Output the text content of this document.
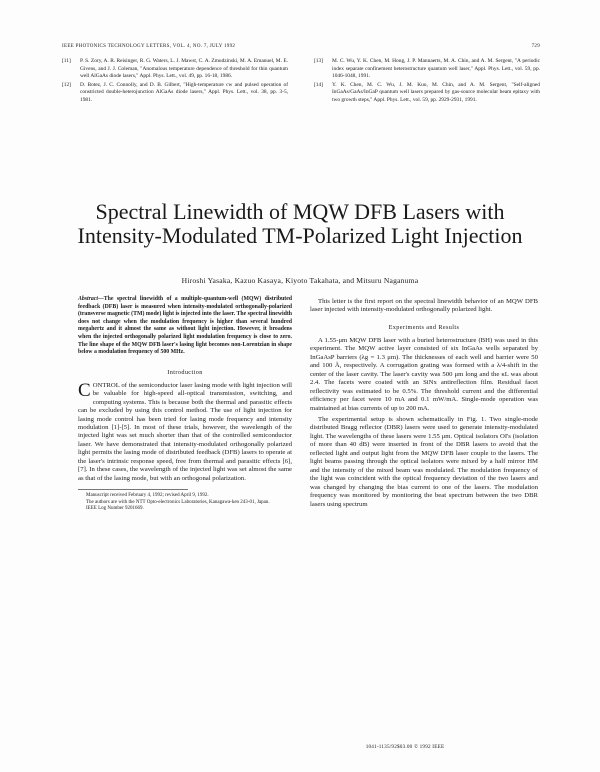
IEEE PHOTONICS TECHNOLOGY LETTERS, VOL. 4, NO. 7, JULY 1992	729
[11]	P. S. Zory, A. R. Reisinger, R. G. Waters, L. J. Mawst, C. A. Zmudzinski, M. A. Emanuel, M. E. Givens, and J. J. Coleman, "Anomalous temperature dependence of threshold for thin quantum well AlGaAs diode lasers," Appl. Phys. Lett., vol. 49, pp. 16-18, 1986.
[12]	D. Botez, J. C. Connolly, and D. B. Gilbert, "High-temperature cw and pulsed operation of constricted double-heterojunction AlGaAs diode lasers," Appl. Phys. Lett., vol. 38, pp. 3-5, 1981.
[13]	M. C. Wu, Y. K. Chen, M. Hong, J. P. Mannaerts, M. A. Chin, and A. M. Sergent, "A periodic index separate confinement heterostructure quantum well laser," Appl. Phys. Lett., vol. 59, pp. 1046-1048, 1991.
[14]	Y. K. Chen, M. C. Wu, J. M. Kuo, M. Chin, and A. M. Sergent, "Self-aligned InGaAs/GaAs/InGaP quantum well lasers prepared by gas-source molecular beam epitaxy with two growth steps," Appl. Phys. Lett., vol. 59, pp. 2929-2931, 1991.
Spectral Linewidth of MQW DFB Lasers with Intensity-Modulated TM-Polarized Light Injection
Hiroshi Yasaka, Kazuo Kasaya, Kiyoto Takahata, and Mitsuru Naganuma

Abstract—The spectral linewidth of a multiple-quantum-well (MQW) distributed feedback (DFB) laser is measured when intensity-modulated orthogonally-polarized (transverse magnetic (TM) mode) light is injected into the laser. The spectral linewidth does not change when the modulation frequency is higher than several hundred megahertz and it almost the same as without light injection. However, it broadens when the injected orthogonally polarized light modulation frequency is close to zero. The line shape of the MQW DFB laser's lasing light becomes non-Lorentzian in shape below a modulation frequency of 500 MHz.

Introduction

CONTROL of the semiconductor laser lasing mode with light injection will be valuable for high-speed all-optical transmission, switching, and computing systems. This is because both the thermal and parasitic effects can be excluded by using this control method. The use of light injection for lasing mode control has been tried for lasing mode frequency and intensity modulation [1]-[5]. In most of these trials, however, the wavelength of the injected light was set much shorter than that of the controlled semiconductor laser. We have demonstrated that intensity-modulated orthogonally polarized light permits the lasing mode of distributed feedback (DFB) lasers to operate at the laser's intrinsic response speed, free from thermal and parasitic effects [6], [7]. In these cases, the wavelength of the injected light was set almost the same as that of the lasing mode, but with an orthogonal polarization.

Manuscript received February 4, 1992; revised April 9, 1992.

The authors are with the NTT Opto-electronics Laboratories, Kanagawa-ken 243-01, Japan.

IEEE Log Number 9201669.

This letter is the first report on the spectral linewidth behavior of an MQW DFB laser injected with intensity-modulated orthogonally polarized light.

Experiments and Results

A 1.55-μm MQW DFB laser with a buried heterostructure (BH) was used in this experiment. The MQW active layer consisted of six InGaAs wells separated by InGaAsP barriers (λg = 1.3 μm). The thicknesses of each well and barrier were 50 and 100 Å, respectively. A corrugation grating was formed with a λ/4-shift in the center of the laser cavity. The laser's cavity was 500 μm long and the κL was about 2.4. The facets were coated with an SiNx antireflection film. Residual facet reflectivity was estimated to be 0.5%. The threshold current and the differential efficiency per facet were 10 mA and 0.1 mW/mA. Single-mode operation was maintained at bias currents of up to 200 mA.

The experimental setup is shown schematically in Fig. 1. Two single-mode distributed Bragg reflector (DBR) lasers were used to generate intensity-modulated light. The wavelengths of these lasers were 1.55 μm. Optical isolators OI's (isolation of more than 40 dB) were inserted in front of the DBR lasers to avoid that the reflected light and output light from the MQW DFB laser couple to the lasers. The light beams passing through the optical isolators were mixed by a half mirror HM and the intensity of the mixed beam was modulated. The modulation frequency of the light was coincident with the optical frequency deviation of the two lasers and was changed by changing the bias current to one of the lasers. The modulation frequency was monitored by monitoring the beat spectrum between the two DBR lasers using spectrum

1041-1135/92$03.00 © 1992 IEEE
